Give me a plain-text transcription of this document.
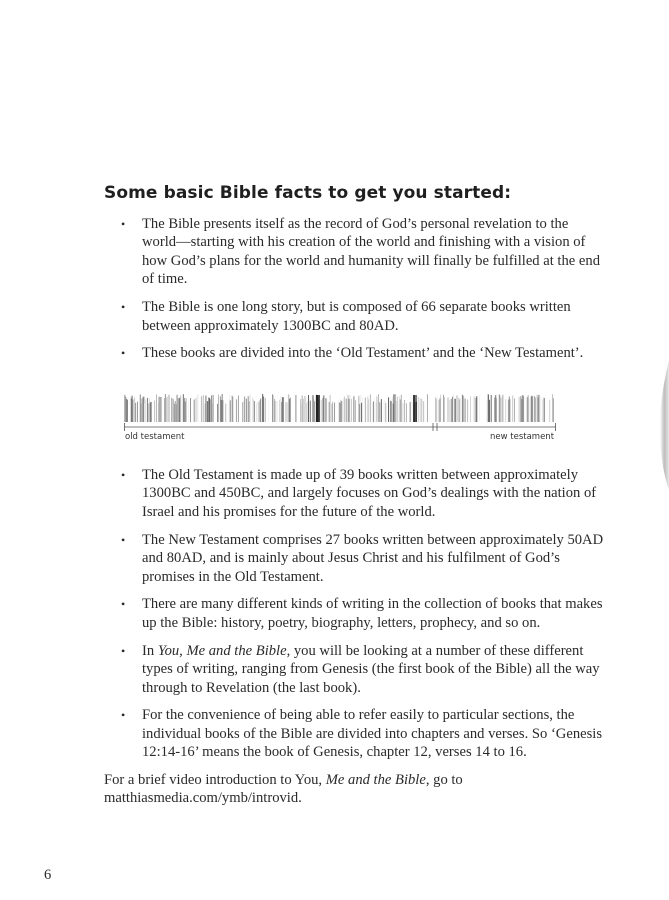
Some basic Bible facts to get you started:
• The Bible presents itself as the record of God’s personal revelation to the world—starting with his creation of the world and finishing with a vision of how God’s plans for the world and humanity will finally be fulfilled at the end of time.
• The Bible is one long story, but is composed of 66 separate books written between approximately 1300BC and 80AD.
• These books are divided into the ‘Old Testament’ and the ‘New Testament’.
old testament	new testament
• The Old Testament is made up of 39 books written between approximately 1300BC and 450BC, and largely focuses on God’s dealings with the nation of Israel and his promises for the future of the world.
• The New Testament comprises 27 books written between approximately 50AD and 80AD, and is mainly about Jesus Christ and his fulfilment of God’s promises in the Old Testament.
• There are many different kinds of writing in the collection of books that makes up the Bible: history, poetry, biography, letters, prophecy, and so on.
• In You, Me and the Bible, you will be looking at a number of these different types of writing, ranging from Genesis (the first book of the Bible) all the way through to Revelation (the last book).
• For the convenience of being able to refer easily to particular sections, the individual books of the Bible are divided into chapters and verses. So ‘Genesis 12:14-16’ means the book of Genesis, chapter 12, verses 14 to 16.

For a brief video introduction to You, Me and the Bible, go to
matthiasmedia.com/ymb/introvid.

6
